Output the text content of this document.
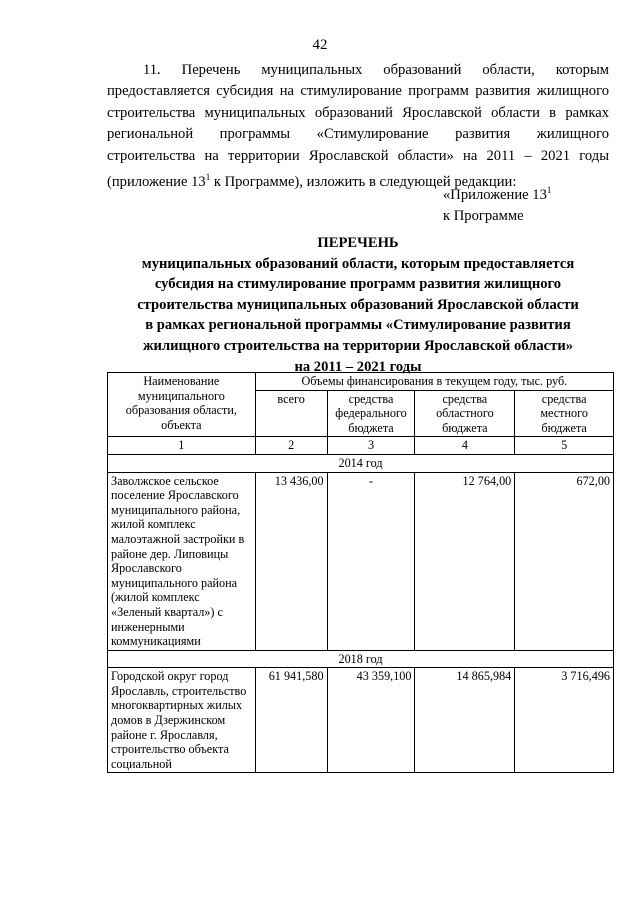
42
11. Перечень муниципальных образований области, которым предоставляется субсидия на стимулирование программ развития жилищного строительства муниципальных образований Ярославской области в рамках региональной программы «Стимулирование развития жилищного строительства на территории Ярославской области» на 2011 – 2021 годы (приложение $13^1$ к Программе), изложить в следующей редакции:
«Приложение $13^1$
к Программе
ПЕРЕЧЕНЬ
муниципальных образований области, которым предоставляется
субсидия на стимулирование программ развития жилищного
строительства муниципальных образований Ярославской области
в рамках региональной программы «Стимулирование развития
жилищного строительства на территории Ярославской области»
на 2011 – 2021 годы
Наименование муниципального образования области, объекта	Объемы финансирования в текущем году, тыс. руб.			
	всего	средства федерального бюджета	средства областного бюджета	средства местного бюджета
1	2	3	4	5
2014 год				
Заволжское сельское поселение Ярославского муниципального района, жилой комплекс малоэтажной застройки в районе дер. Липовицы Ярославского муниципального района (жилой комплекс «Зеленый квартал») с инженерными коммуникациями	13 436,00	-	12 764,00	672,00
2018 год				
Городской округ город Ярославль, строительство многоквартирных жилых домов в Дзержинском районе г. Ярославля, строительство объекта социальной	61 941,580	43 359,100	14 865,984	3 716,496
